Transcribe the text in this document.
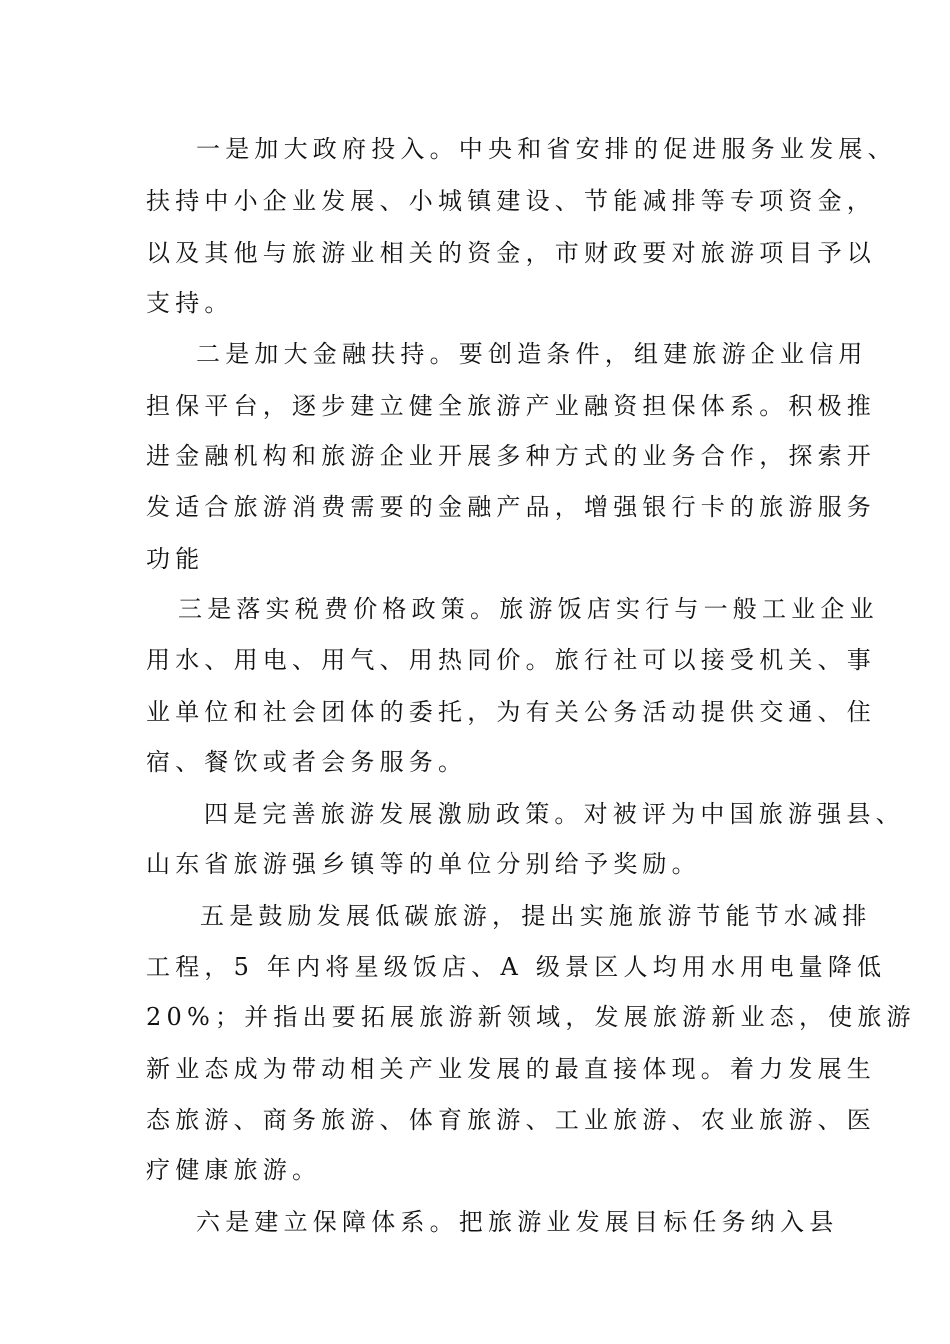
一是加大政府投入。中央和省安排的促进服务业发展、
扶持中小企业发展、小城镇建设、节能减排等专项资金，
以及其他与旅游业相关的资金，市财政要对旅游项目予以
支持。
二是加大金融扶持。要创造条件，组建旅游企业信用
担保平台，逐步建立健全旅游产业融资担保体系。积极推
进金融机构和旅游企业开展多种方式的业务合作，探索开
发适合旅游消费需要的金融产品，增强银行卡的旅游服务
功能
三是落实税费价格政策。旅游饭店实行与一般工业企业
用水、用电、用气、用热同价。旅行社可以接受机关、事
业单位和社会团体的委托，为有关公务活动提供交通、住
宿、餐饮或者会务服务。
四是完善旅游发展激励政策。对被评为中国旅游强县、
山东省旅游强乡镇等的单位分别给予奖励。
五是鼓励发展低碳旅游，提出实施旅游节能节水减排
工程，5 年内将星级饭店、A 级景区人均用水用电量降低
20%；并指出要拓展旅游新领域，发展旅游新业态，使旅游
新业态成为带动相关产业发展的最直接体现。着力发展生
态旅游、商务旅游、体育旅游、工业旅游、农业旅游、医
疗健康旅游。
六是建立保障体系。把旅游业发展目标任务纳入县
